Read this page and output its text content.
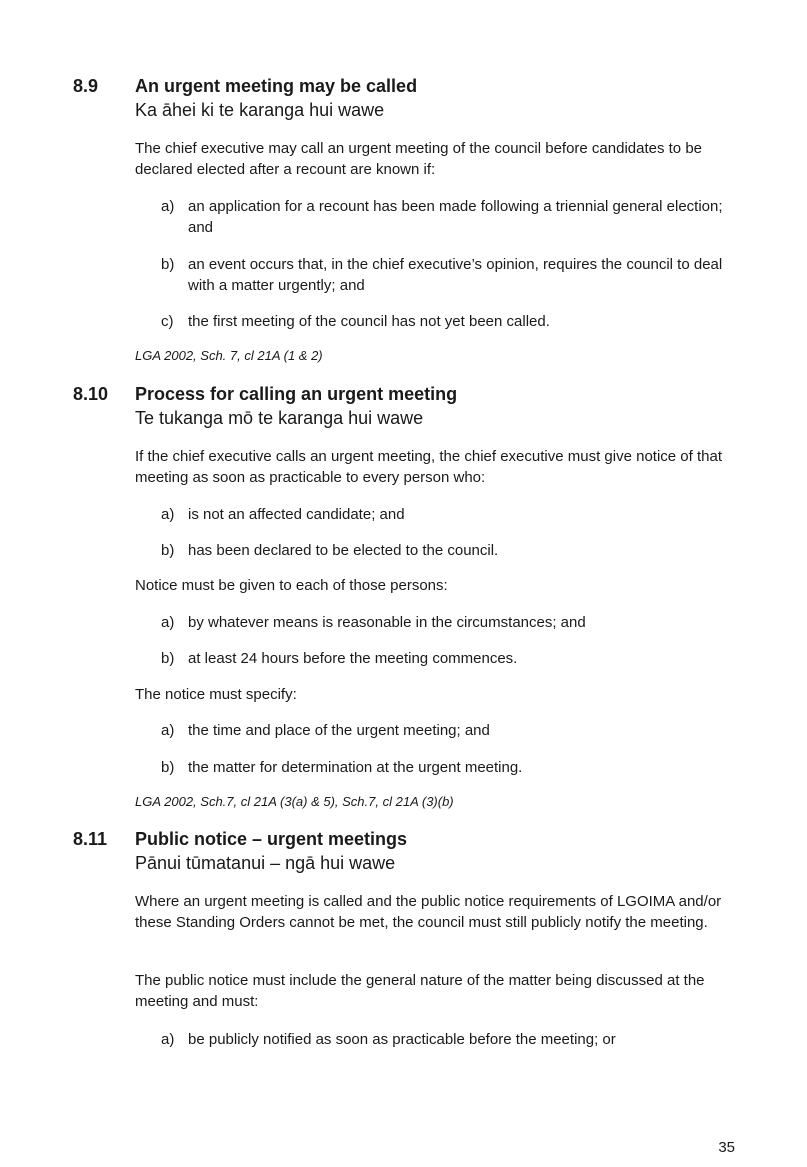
8.9 An urgent meeting may be called
Ka āhei ki te karanga hui wawe
The chief executive may call an urgent meeting of the council before candidates to be declared elected after a recount are known if:
a) an application for a recount has been made following a triennial general election; and
b) an event occurs that, in the chief executive’s opinion, requires the council to deal with a matter urgently; and
c) the first meeting of the council has not yet been called.
LGA 2002, Sch. 7, cl 21A (1 & 2)
8.10 Process for calling an urgent meeting
Te tukanga mō te karanga hui wawe
If the chief executive calls an urgent meeting, the chief executive must give notice of that meeting as soon as practicable to every person who:
a) is not an affected candidate; and
b) has been declared to be elected to the council.
Notice must be given to each of those persons:
a) by whatever means is reasonable in the circumstances; and
b) at least 24 hours before the meeting commences.
The notice must specify:
a) the time and place of the urgent meeting; and
b) the matter for determination at the urgent meeting.
LGA 2002, Sch.7, cl 21A (3(a) & 5), Sch.7, cl 21A (3)(b)
8.11 Public notice – urgent meetings
Pānui tūmatanui – ngā hui wawe
Where an urgent meeting is called and the public notice requirements of LGOIMA and/or these Standing Orders cannot be met, the council must still publicly notify the meeting.
The public notice must include the general nature of the matter being discussed at the meeting and must:
a) be publicly notified as soon as practicable before the meeting; or
35
